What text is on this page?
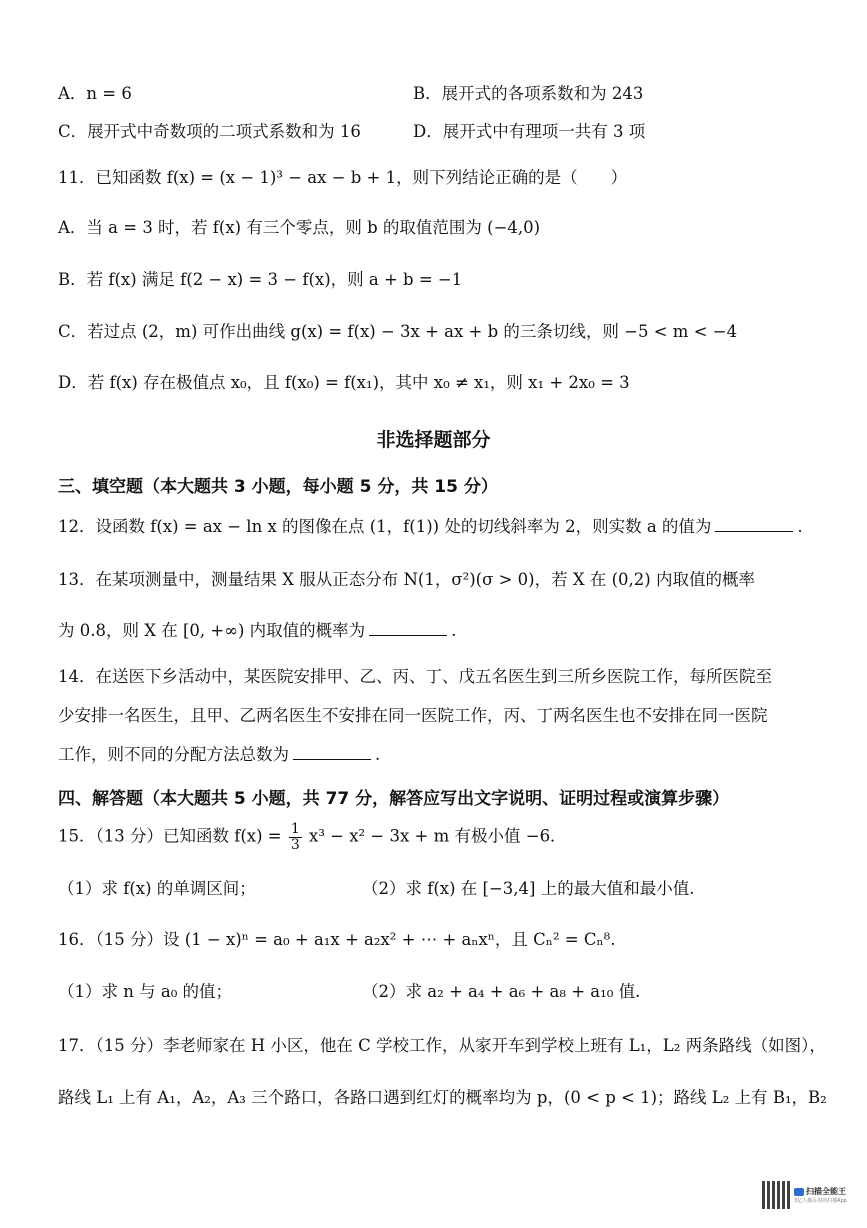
A．n = 6	B．展开式的各项系数和为 243
C．展开式中奇数项的二项式系数和为 16	D．展开式中有理项一共有 3 项
11．已知函数 f(x) = (x − 1)³ − ax − b + 1，则下列结论正确的是（　　）
A．当 a = 3 时，若 f(x) 有三个零点，则 b 的取值范围为 (−4,0)
B．若 f(x) 满足 f(2 − x) = 3 − f(x)，则 a + b = −1
C．若过点 (2，m) 可作出曲线 g(x) = f(x) − 3x + ax + b 的三条切线，则 −5 < m < −4
D．若 f(x) 存在极值点 x₀，且 f(x₀) = f(x₁)，其中 x₀ ≠ x₁，则 x₁ + 2x₀ = 3
非选择题部分
三、填空题（本大题共 3 小题，每小题 5 分，共 15 分）
12．设函数 f(x) = ax − ln x 的图像在点 (1，f(1)) 处的切线斜率为 2，则实数 a 的值为	.
13．在某项测量中，测量结果 X 服从正态分布 N(1，σ²)(σ > 0)，若 X 在 (0,2) 内取值的概率
为 0.8，则 X 在 [0, +∞) 内取值的概率为	.
14．在送医下乡活动中，某医院安排甲、乙、丙、丁、戊五名医生到三所乡医院工作，每所医院至
少安排一名医生，且甲、乙两名医生不安排在同一医院工作，丙、丁两名医生也不安排在同一医院
工作，则不同的分配方法总数为	.
四、解答题（本大题共 5 小题，共 77 分，解答应写出文字说明、证明过程或演算步骤）
15．（13 分）已知函数 $f(x) = \frac{1}{3} x^3 - x^2 - 3x + m$ 有极小值 −6．
（1）求 f(x) 的单调区间；	（2）求 f(x) 在 [−3,4] 上的最大值和最小值.
16．（15 分）设 (1 − x)ⁿ = a₀ + a₁x + a₂x² + ⋯ + aₙxⁿ，且 Cₙ² = Cₙ⁸.
（1）求 n 与 a₀ 的值；	（2）求 a₂ + a₄ + a₆ + a₈ + a₁₀ 值.
17．（15 分）李老师家在 H 小区，他在 C 学校工作，从家开车到学校上班有 L₁，L₂ 两条路线（如图），
路线 L₁ 上有 A₁，A₂，A₃ 三个路口，各路口遇到红灯的概率均为 p，(0 < p < 1)；路线 L₂ 上有 B₁，B₂
扫描全能王
3亿人都在用的扫描App
